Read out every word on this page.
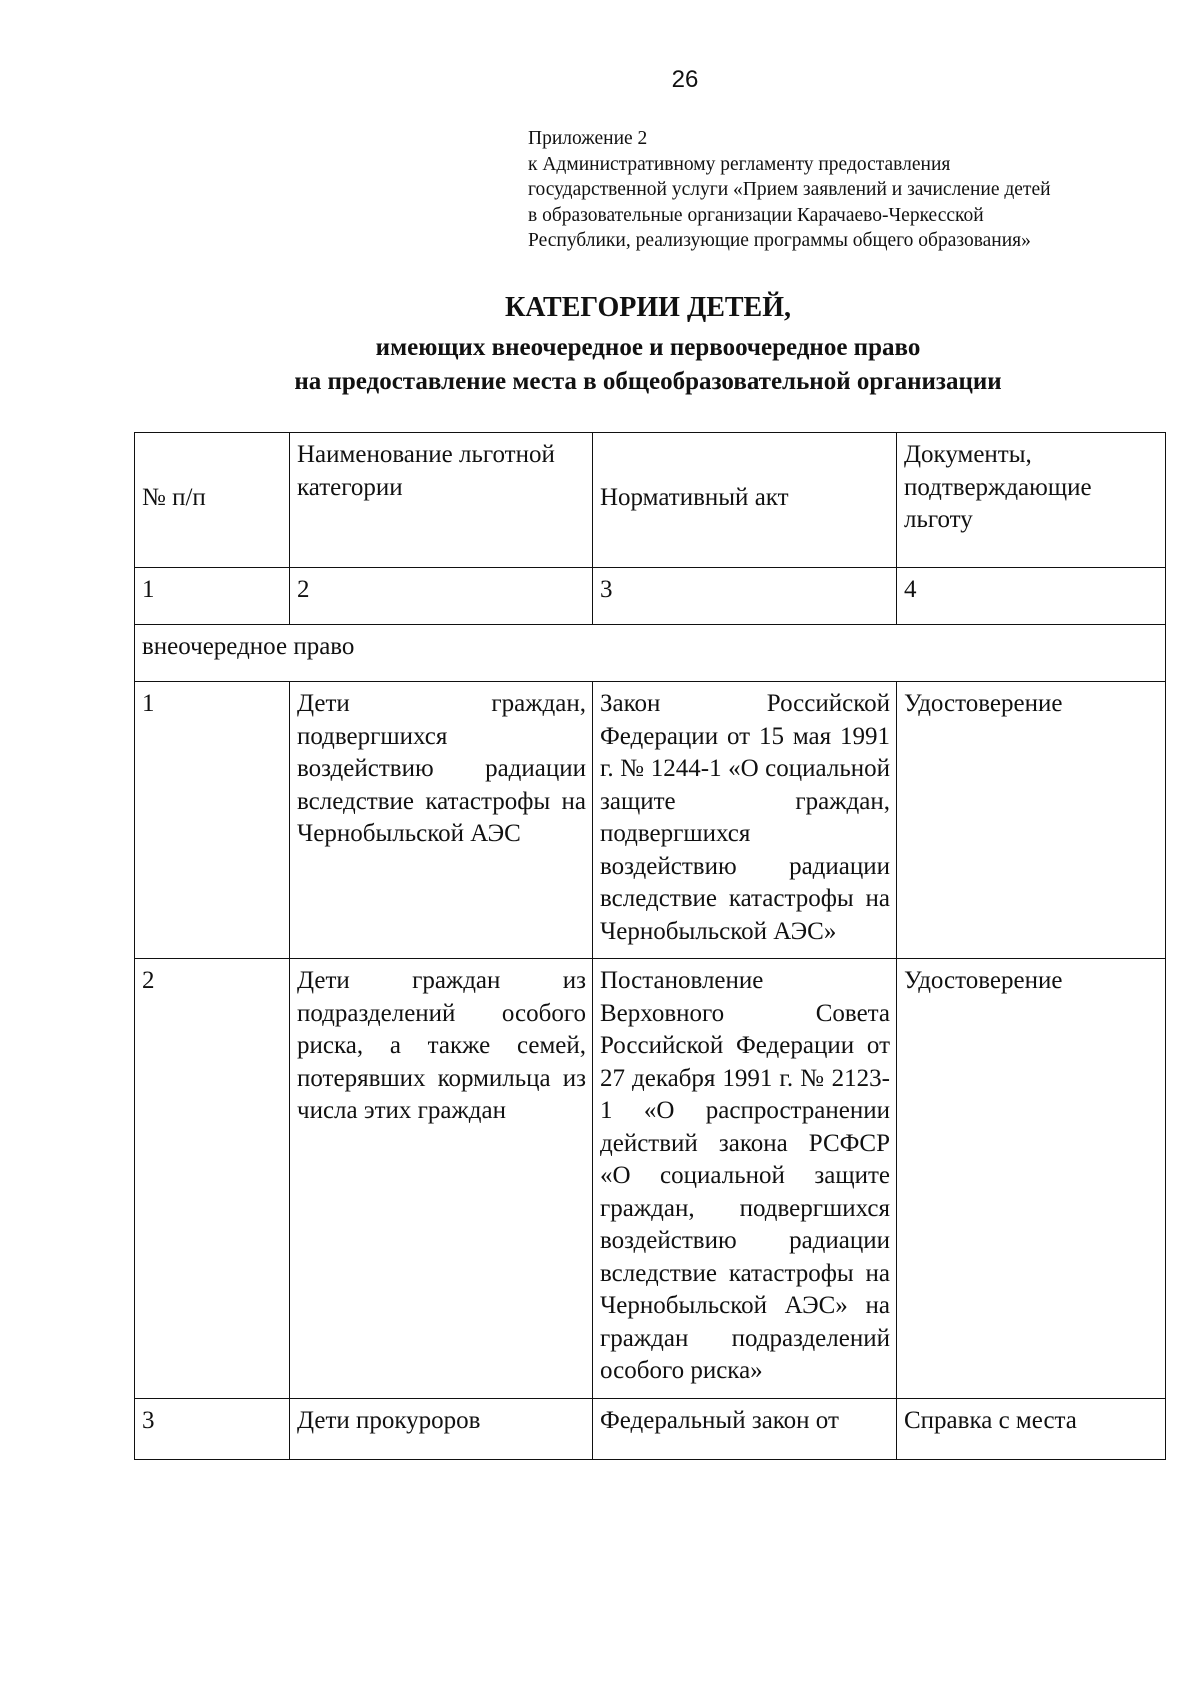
26
Приложение 2
к Административному регламенту предоставления
государственной услуги «Прием заявлений и зачисление детей
в образовательные организации Карачаево-Черкесской
Республики, реализующие программы общего образования»
КАТЕГОРИИ ДЕТЕЙ,
имеющих внеочередное и первоочередное право
на предоставление места в общеобразовательной организации
№ п/п	Наименование льготной категории	Нормативный акт	Документы, подтверждающие льготу
1	2	3	4
внеочередное право			
1	Дети граждан, подвергшихся воздействию радиации вследствие катастрофы на Чернобыльской АЭС	Закон Российской Федерации от 15 мая 1991 г. № 1244-1 «О социальной защите граждан, подвергшихся воздействию радиации вследствие катастрофы на Чернобыльской АЭС»	Удостоверение
2	Дети граждан из подразделений особого риска, а также семей, потерявших кормильца из числа этих граждан	Постановление Верховного Совета Российской Федерации от 27 декабря 1991 г. № 2123-1 «О распространении действий закона РСФСР «О социальной защите граждан, подвергшихся воздействию радиации вследствие катастрофы на Чернобыльской АЭС» на граждан подразделений особого риска»	Удостоверение
3	Дети прокуроров	Федеральный закон от	Справка с места
